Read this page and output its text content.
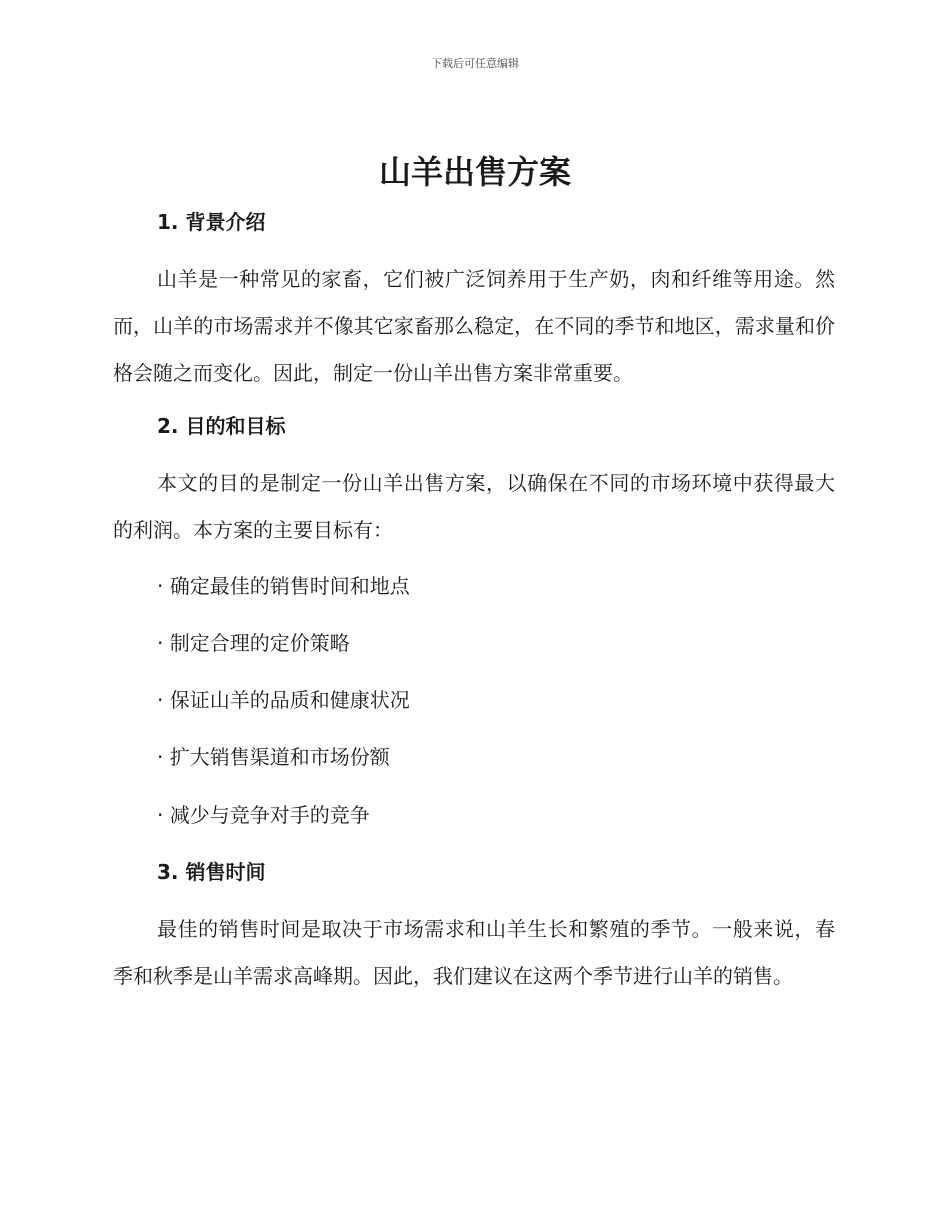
下载后可任意编辑
山羊出售方案
1. 背景介绍

山羊是一种常见的家畜，它们被广泛饲养用于生产奶，肉和纤维等用途。然而，山羊的市场需求并不像其它家畜那么稳定，在不同的季节和地区，需求量和价格会随之而变化。因此，制定一份山羊出售方案非常重要。

2. 目的和目标

本文的目的是制定一份山羊出售方案，以确保在不同的市场环境中获得最大的利润。本方案的主要目标有：

· 确定最佳的销售时间和地点

· 制定合理的定价策略

· 保证山羊的品质和健康状况

· 扩大销售渠道和市场份额

· 减少与竞争对手的竞争

3. 销售时间

最佳的销售时间是取决于市场需求和山羊生长和繁殖的季节。一般来说，春季和秋季是山羊需求高峰期。因此，我们建议在这两个季节进行山羊的销售。
